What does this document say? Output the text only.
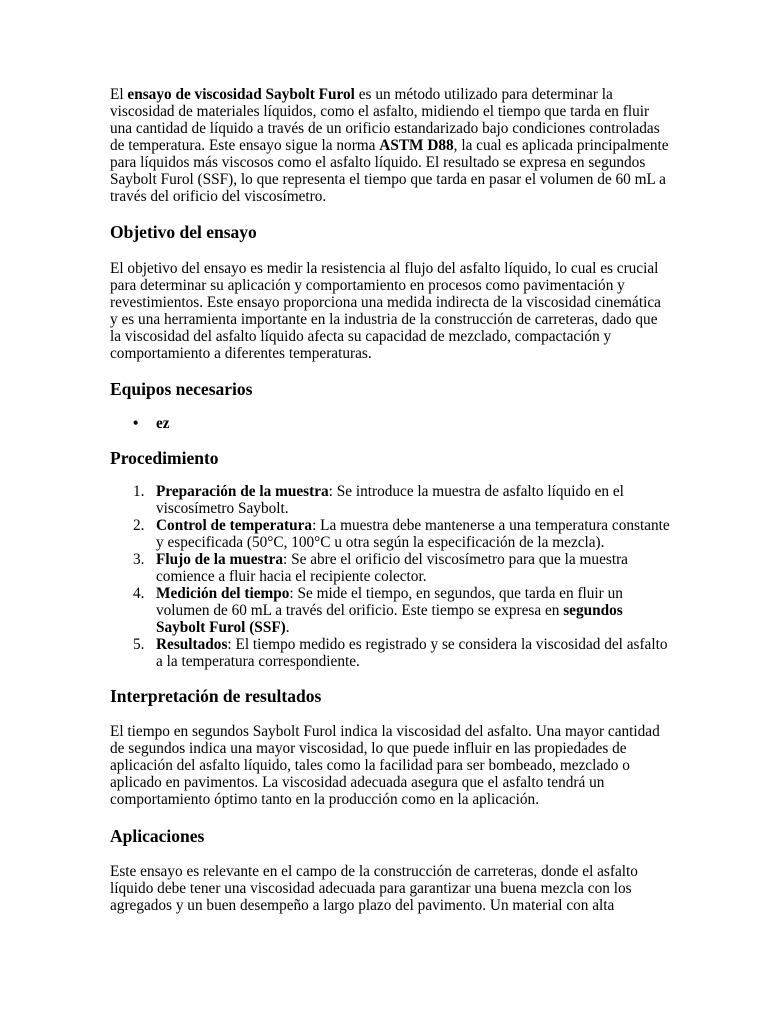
El ensayo de viscosidad Saybolt Furol es un método utilizado para determinar la viscosidad de materiales líquidos, como el asfalto, midiendo el tiempo que tarda en fluir una cantidad de líquido a través de un orificio estandarizado bajo condiciones controladas de temperatura. Este ensayo sigue la norma ASTM D88, la cual es aplicada principalmente para líquidos más viscosos como el asfalto líquido. El resultado se expresa en segundos Saybolt Furol (SSF), lo que representa el tiempo que tarda en pasar el volumen de 60 mL a través del orificio del viscosímetro.

Objetivo del ensayo

El objetivo del ensayo es medir la resistencia al flujo del asfalto líquido, lo cual es crucial para determinar su aplicación y comportamiento en procesos como pavimentación y revestimientos. Este ensayo proporciona una medida indirecta de la viscosidad cinemática y es una herramienta importante en la industria de la construcción de carreteras, dado que la viscosidad del asfalto líquido afecta su capacidad de mezclado, compactación y comportamiento a diferentes temperaturas.

Equipos necesarios
• ez
Procedimiento
1. Preparación de la muestra: Se introduce la muestra de asfalto líquido en el viscosímetro Saybolt.
2. Control de temperatura: La muestra debe mantenerse a una temperatura constante y especificada (50°C, 100°C u otra según la especificación de la mezcla).
3. Flujo de la muestra: Se abre el orificio del viscosímetro para que la muestra comience a fluir hacia el recipiente colector.
4. Medición del tiempo: Se mide el tiempo, en segundos, que tarda en fluir un volumen de 60 mL a través del orificio. Este tiempo se expresa en segundos Saybolt Furol (SSF).
5. Resultados: El tiempo medido es registrado y se considera la viscosidad del asfalto a la temperatura correspondiente.
Interpretación de resultados

El tiempo en segundos Saybolt Furol indica la viscosidad del asfalto. Una mayor cantidad de segundos indica una mayor viscosidad, lo que puede influir en las propiedades de aplicación del asfalto líquido, tales como la facilidad para ser bombeado, mezclado o aplicado en pavimentos. La viscosidad adecuada asegura que el asfalto tendrá un comportamiento óptimo tanto en la producción como en la aplicación.

Aplicaciones

Este ensayo es relevante en el campo de la construcción de carreteras, donde el asfalto líquido debe tener una viscosidad adecuada para garantizar una buena mezcla con los agregados y un buen desempeño a largo plazo del pavimento. Un material con alta
